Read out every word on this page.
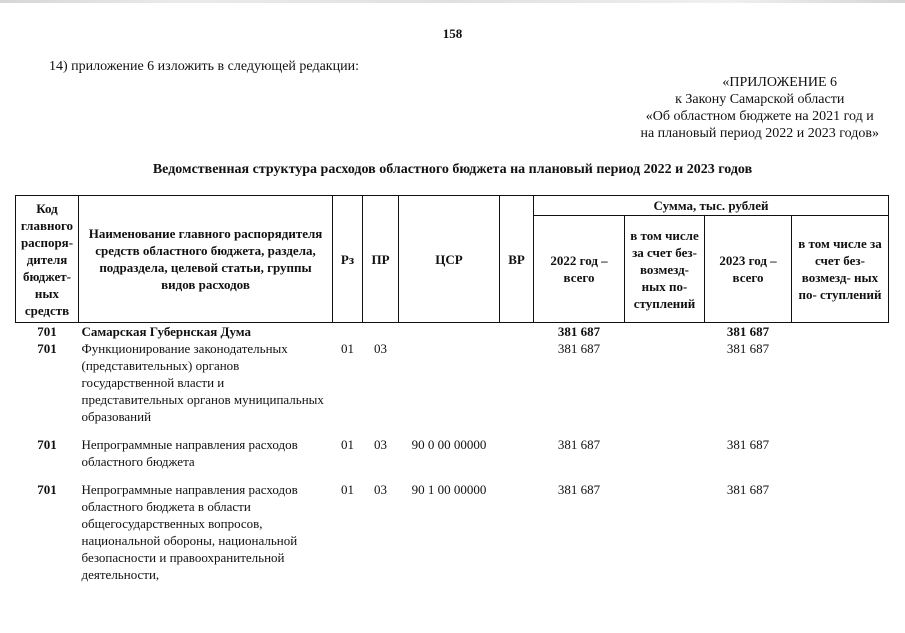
158
14) приложение 6 изложить в следующей редакции:
«ПРИЛОЖЕНИЕ 6
к Закону Самарской области
«Об областном бюджете на 2021 год и
на плановый период 2022 и 2023 годов»
Ведомственная структура расходов областного бюджета на плановый период 2022 и 2023 годов
Код главного распоря- дителя бюджет- ных средств	Наименование главного распорядителя средств областного бюджета, раздела, подраздела, целевой статьи, группы видов расходов	Рз	ПР	ЦСР	ВР	Сумма, тыс. рублей			
						2022 год – всего	в том числе за счет без- возмезд- ных по- ступлений	2023 год – всего	в том числе за счет без- возмезд- ных по- ступлений
701	Самарская Губернская Дума					381 687		381 687	
701	Функционирование законодательных (представительных) органов государственной власти и представительных органов муниципальных образований	01	03			381 687		381 687	
701	Непрограммные направления расходов областного бюджета	01	03	90 0 00 00000		381 687		381 687	
701	Непрограммные направления расходов областного бюджета в области общегосударственных вопросов, национальной обороны, национальной безопасности и правоохранительной деятельности,	01	03	90 1 00 00000		381 687		381 687	
